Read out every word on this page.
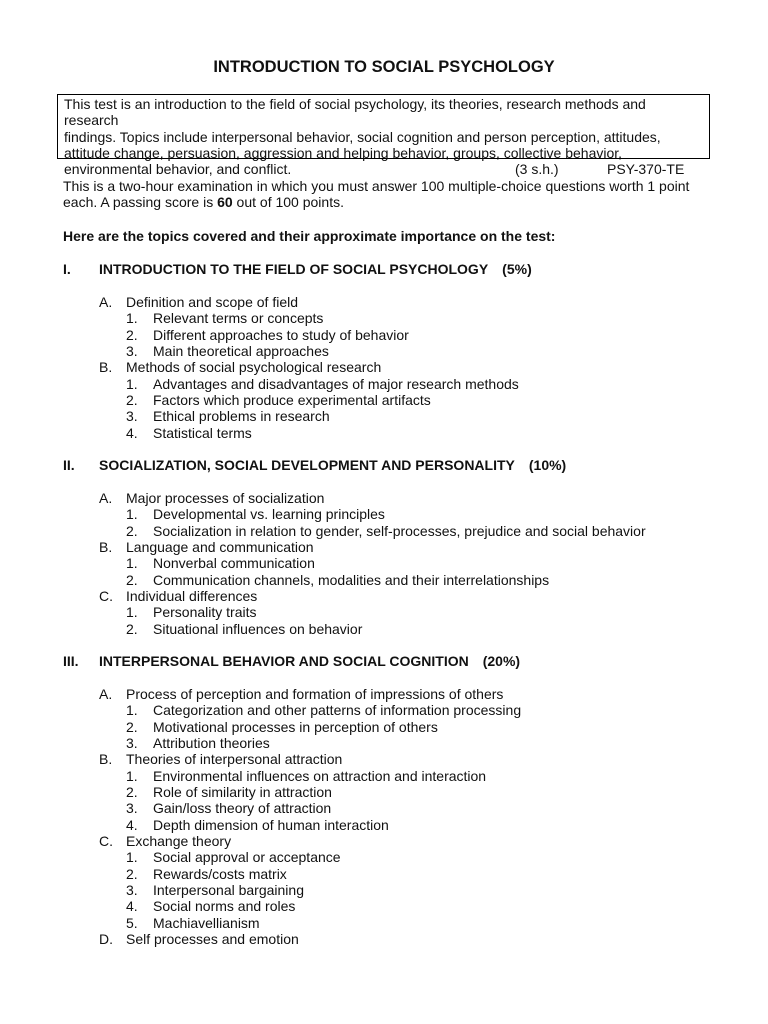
INTRODUCTION TO SOCIAL PSYCHOLOGY
This test is an introduction to the field of social psychology, its theories, research methods and research
findings. Topics include interpersonal behavior, social cognition and person perception, attitudes,
attitude change, persuasion, aggression and helping behavior, groups, collective behavior,
environmental behavior, and conflict.	(3 s.h.)	PSY-370-TE
This is a two-hour examination in which you must answer 100 multiple-choice questions worth 1 point
each. A passing score is 60 out of 100 points.
Here are the topics covered and their approximate importance on the test:
I. INTRODUCTION TO THE FIELD OF SOCIAL PSYCHOLOGY (5%)
A. Definition and scope of field
1. Relevant terms or concepts
2. Different approaches to study of behavior
3. Main theoretical approaches
B. Methods of social psychological research
1. Advantages and disadvantages of major research methods
2. Factors which produce experimental artifacts
3. Ethical problems in research
4. Statistical terms
II. SOCIALIZATION, SOCIAL DEVELOPMENT AND PERSONALITY (10%)
A. Major processes of socialization
1. Developmental vs. learning principles
2. Socialization in relation to gender, self-processes, prejudice and social behavior
B. Language and communication
1. Nonverbal communication
2. Communication channels, modalities and their interrelationships
C. Individual differences
1. Personality traits
2. Situational influences on behavior
III. INTERPERSONAL BEHAVIOR AND SOCIAL COGNITION (20%)
A. Process of perception and formation of impressions of others
1. Categorization and other patterns of information processing
2. Motivational processes in perception of others
3. Attribution theories
B. Theories of interpersonal attraction
1. Environmental influences on attraction and interaction
2. Role of similarity in attraction
3. Gain/loss theory of attraction
4. Depth dimension of human interaction
C. Exchange theory
1. Social approval or acceptance
2. Rewards/costs matrix
3. Interpersonal bargaining
4. Social norms and roles
5. Machiavellianism
D. Self processes and emotion
